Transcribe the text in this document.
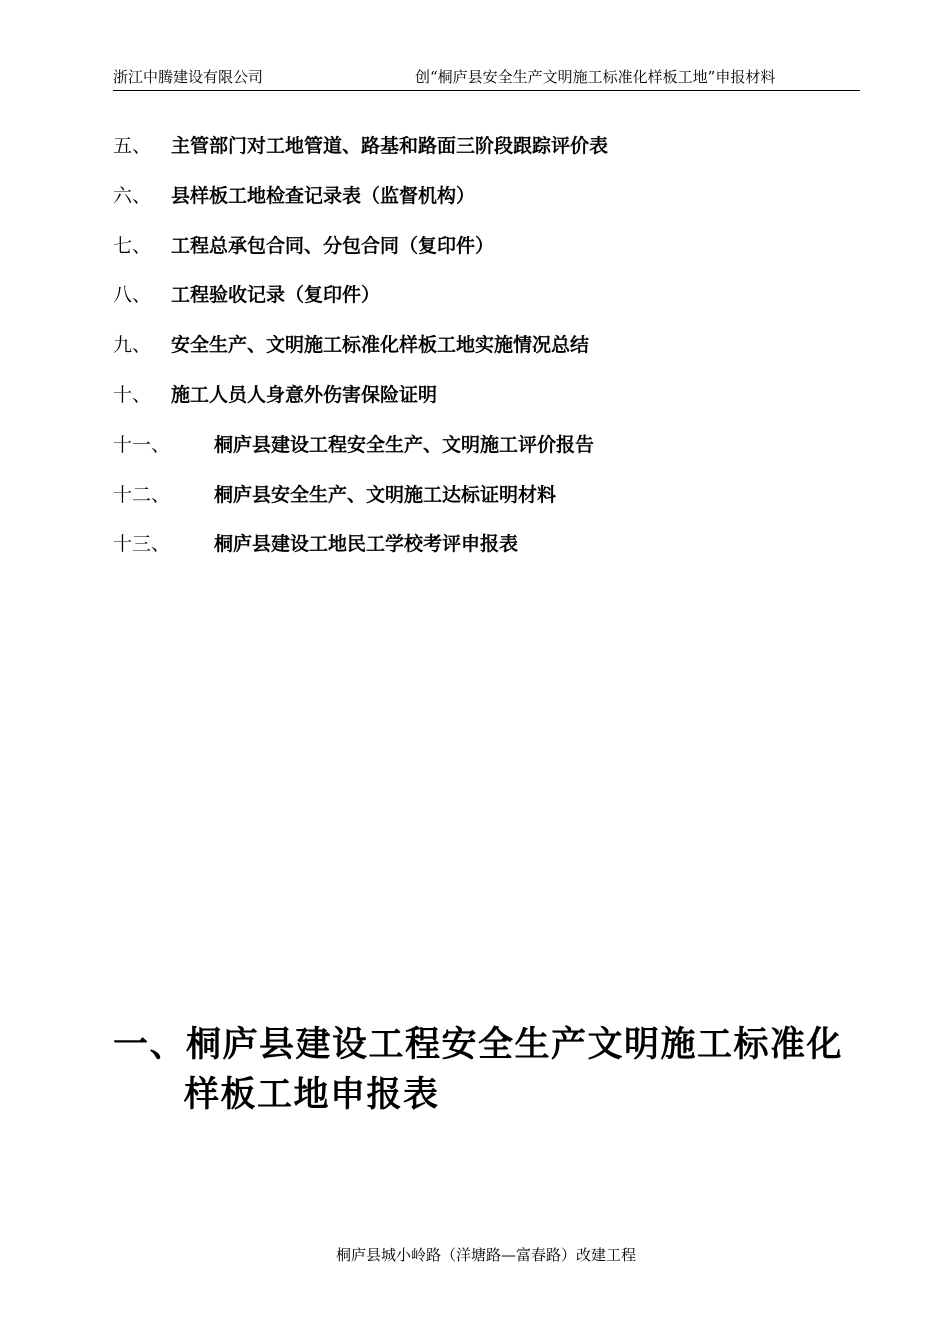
浙江中腾建设有限公司	创“桐庐县安全生产文明施工标准化样板工地”申报材料
五、 主管部门对工地管道、路基和路面三阶段跟踪评价表
六、 县样板工地检查记录表（监督机构）
七、 工程总承包合同、分包合同（复印件）
八、 工程验收记录（复印件）
九、 安全生产、文明施工标准化样板工地实施情况总结
十、 施工人员人身意外伤害保险证明
十一、 桐庐县建设工程安全生产、文明施工评价报告
十二、 桐庐县安全生产、文明施工达标证明材料
十三、 桐庐县建设工地民工学校考评申报表
一、桐庐县建设工程安全生产文明施工标准化
样板工地申报表
桐庐县城小岭路（洋塘路—富春路）改建工程
